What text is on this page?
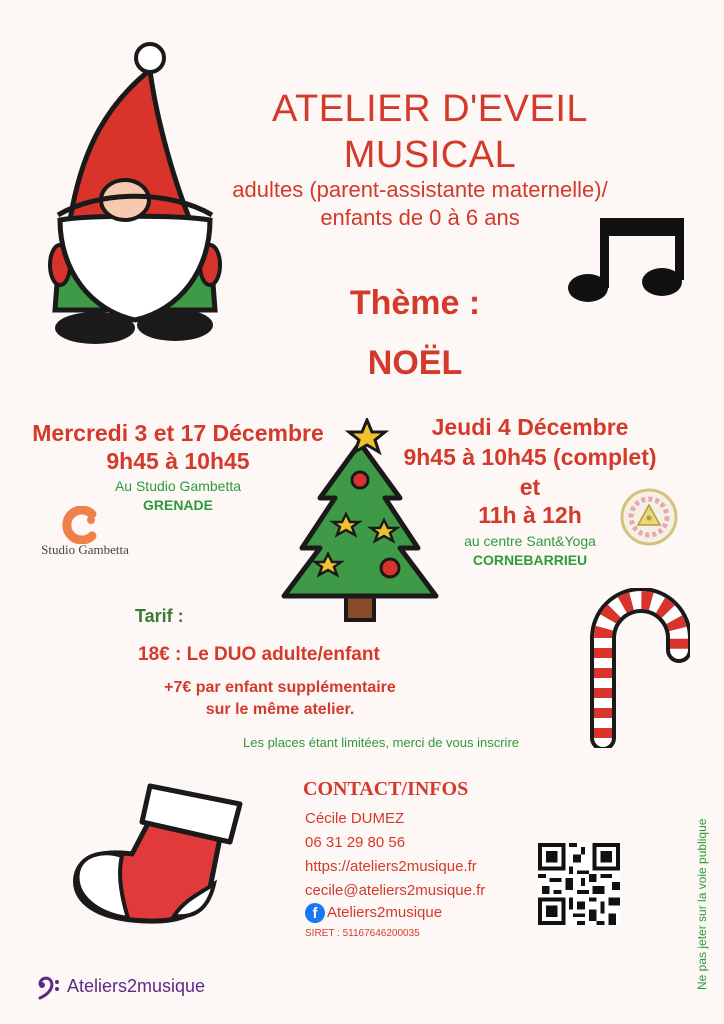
ATELIER D'EVEIL
MUSICAL
adultes (parent-assistante maternelle)/
enfants de 0 à 6 ans
Thème :
NOËL
Mercredi 3 et 17 Décembre
9h45 à 10h45
Au Studio Gambetta
GRENADE
Studio Gambetta
Jeudi 4 Décembre
9h45 à 10h45 (complet)
et
11h à 12h
au centre Sant&Yoga
CORNEBARRIEU
Tarif :
18€ : Le DUO adulte/enfant
+7€ par enfant supplémentaire
sur le même atelier.
Les places étant limitées, merci de vous inscrire
CONTACT/INFOS
Cécile DUMEZ
06 31 29 80 56
https://ateliers2musique.fr
cecile@ateliers2musique.fr
f Ateliers2musique
SIRET : 51167646200035	Ne pas jeter sur la voie publique
Ateliers2musique
